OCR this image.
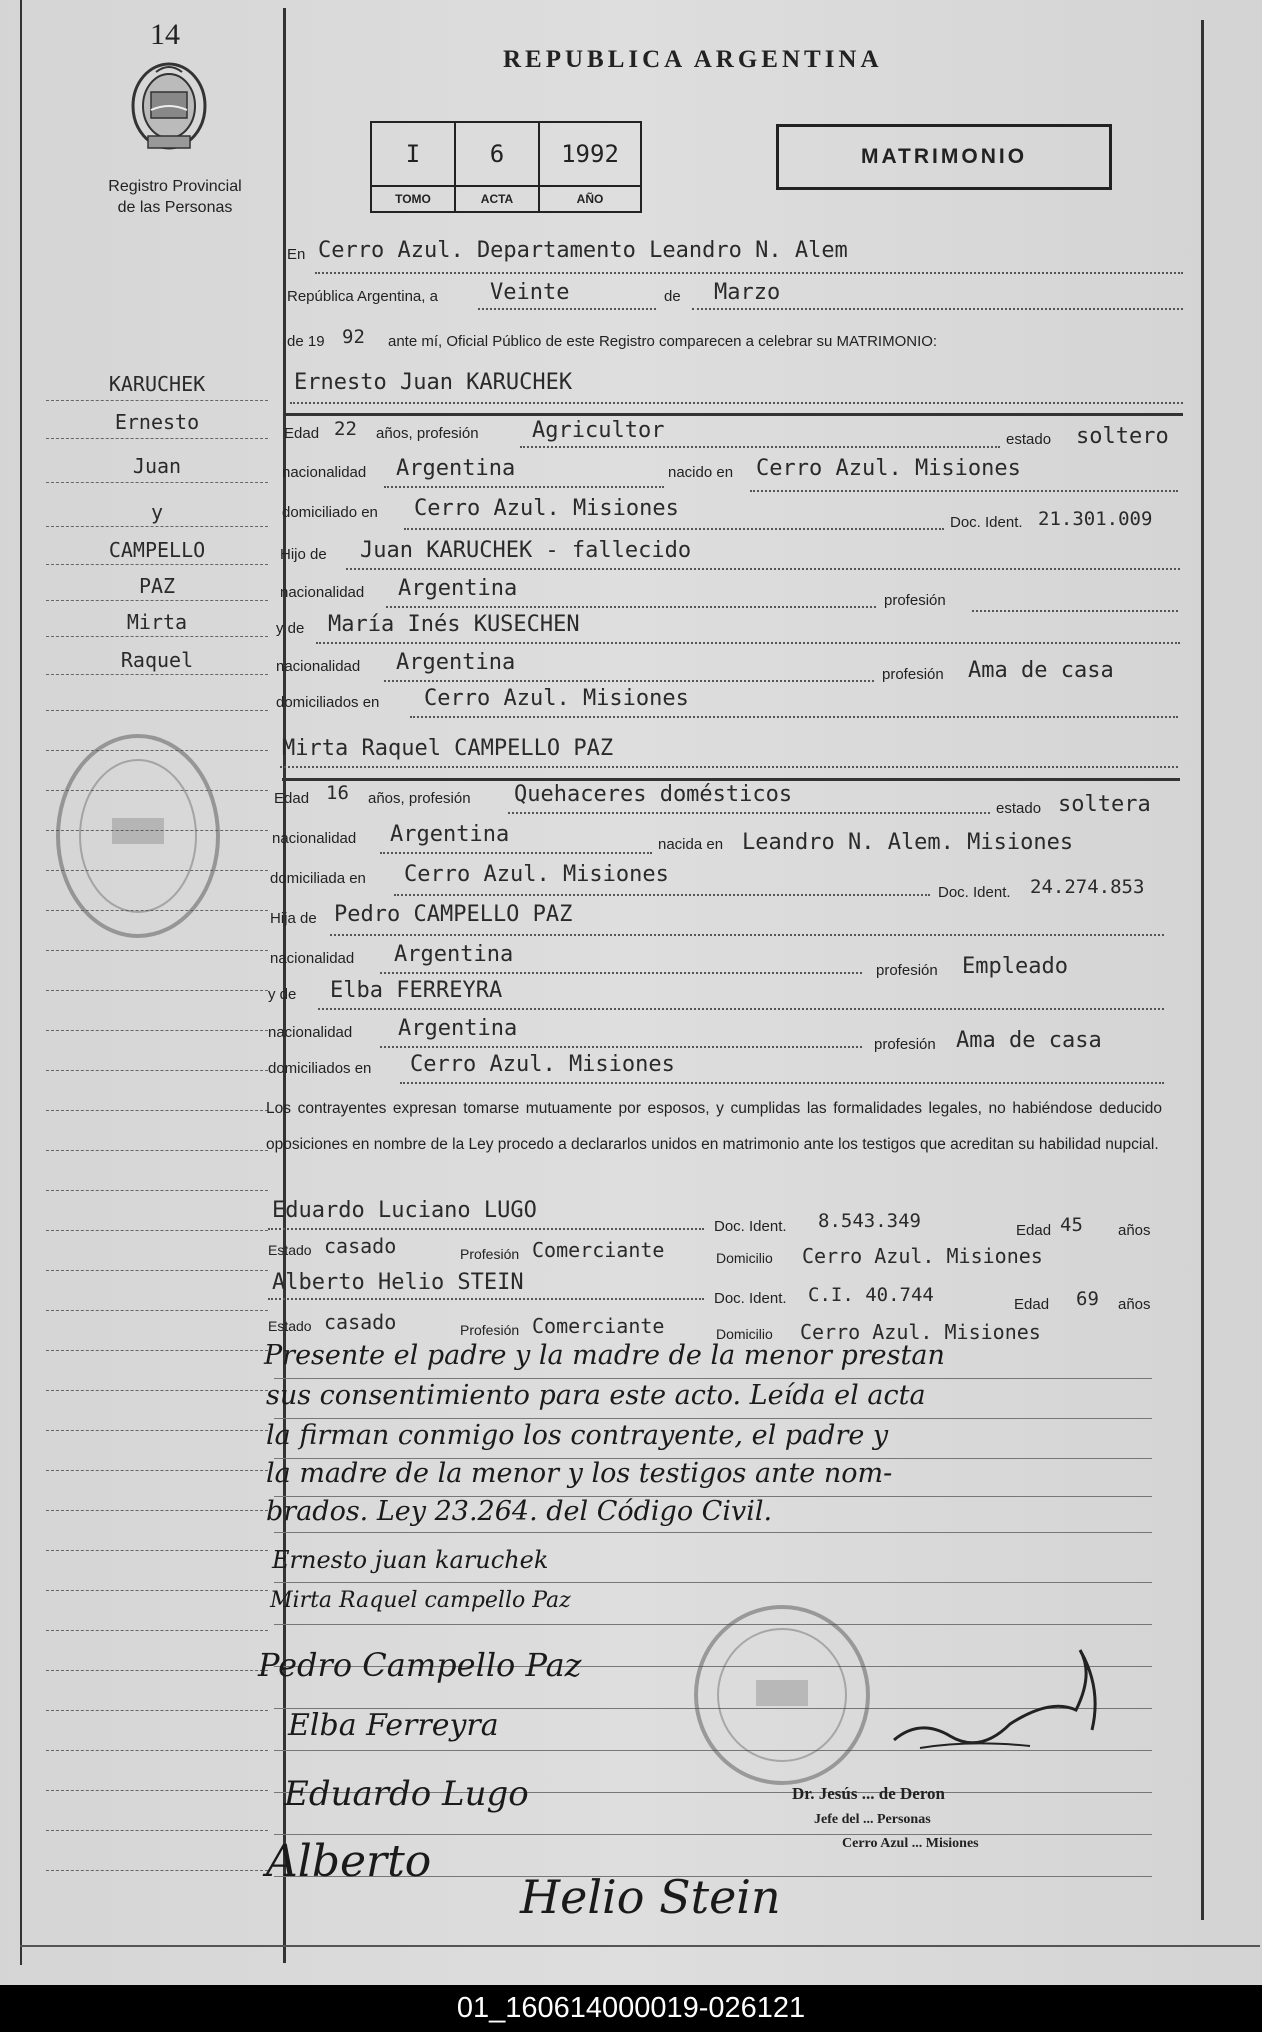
14
Registro Provincial
de las Personas
REPUBLICA ARGENTINA
I	6	1992
TOMO	ACTA	AÑO
MATRIMONIO
KARUCHEK
Ernesto
Juan
y
CAMPELLO
PAZ
Mirta
Raquel
En Cerro Azul. Departamento Leandro N. Alem
República Argentina, a Veinte	de Marzo
de 19 92 ante mí, Oficial Público de este Registro comparecen a celebrar su MATRIMONIO:
Ernesto Juan KARUCHEK
Edad 22 años, profesión Agricultor	estado soltero
nacionalidad Argentina	nacido en Cerro Azul. Misiones
domiciliado en Cerro Azul. Misiones
Doc. Ident. 21.301.009
Hijo de Juan KARUCHEK - fallecido
nacionalidad Argentina	profesión
y de María Inés KUSECHEN
nacionalidad Argentina	profesión Ama de casa
domiciliados en Cerro Azul. Misiones
Mirta Raquel CAMPELLO PAZ
Edad 16 años, profesión Quehaceres domésticos
estado soltera
nacionalidad Argentina	nacida en Leandro N. Alem. Misiones
domiciliada en Cerro Azul. Misiones
Doc. Ident. 24.274.853
Hija de Pedro CAMPELLO PAZ
nacionalidad Argentina
profesión Empleado
y de Elba FERREYRA
nacionalidad Argentina
profesión Ama de casa
domiciliados en Cerro Azul. Misiones
Los contrayentes expresan tomarse mutuamente por esposos, y cumplidas las formalidades legales, no habiéndose deducido oposiciones en nombre de la Ley procedo a declararlos unidos en matrimonio ante los testigos que acreditan su habilidad nupcial.
Eduardo Luciano LUGO
Doc. Ident. 8.543.349	Edad 45 años
Estado casado	Profesión Comerciante	Domicilio Cerro Azul. Misiones
Alberto Helio STEIN
Doc. Ident. C.I. 40.744	Edad 69 años
Estado casado	Profesión Comerciante	Domicilio Cerro Azul. Misiones
Presente el padre y la madre de la menor prestan
sus consentimiento para este acto. Leída el acta
la firman conmigo los contrayente, el padre y
la madre de la menor y los testigos ante nom-
brados. Ley 23.264. del Código Civil.
Ernesto juan karuchek
Mirta Raquel campello Paz
Pedro Campello Paz
Elba Ferreyra
Eduardo Lugo
Alberto
Helio Stein
Dr. Jesús ... de Deron
Jefe del ... Personas
Cerro Azul ... Misiones
01_160614000019-026121
